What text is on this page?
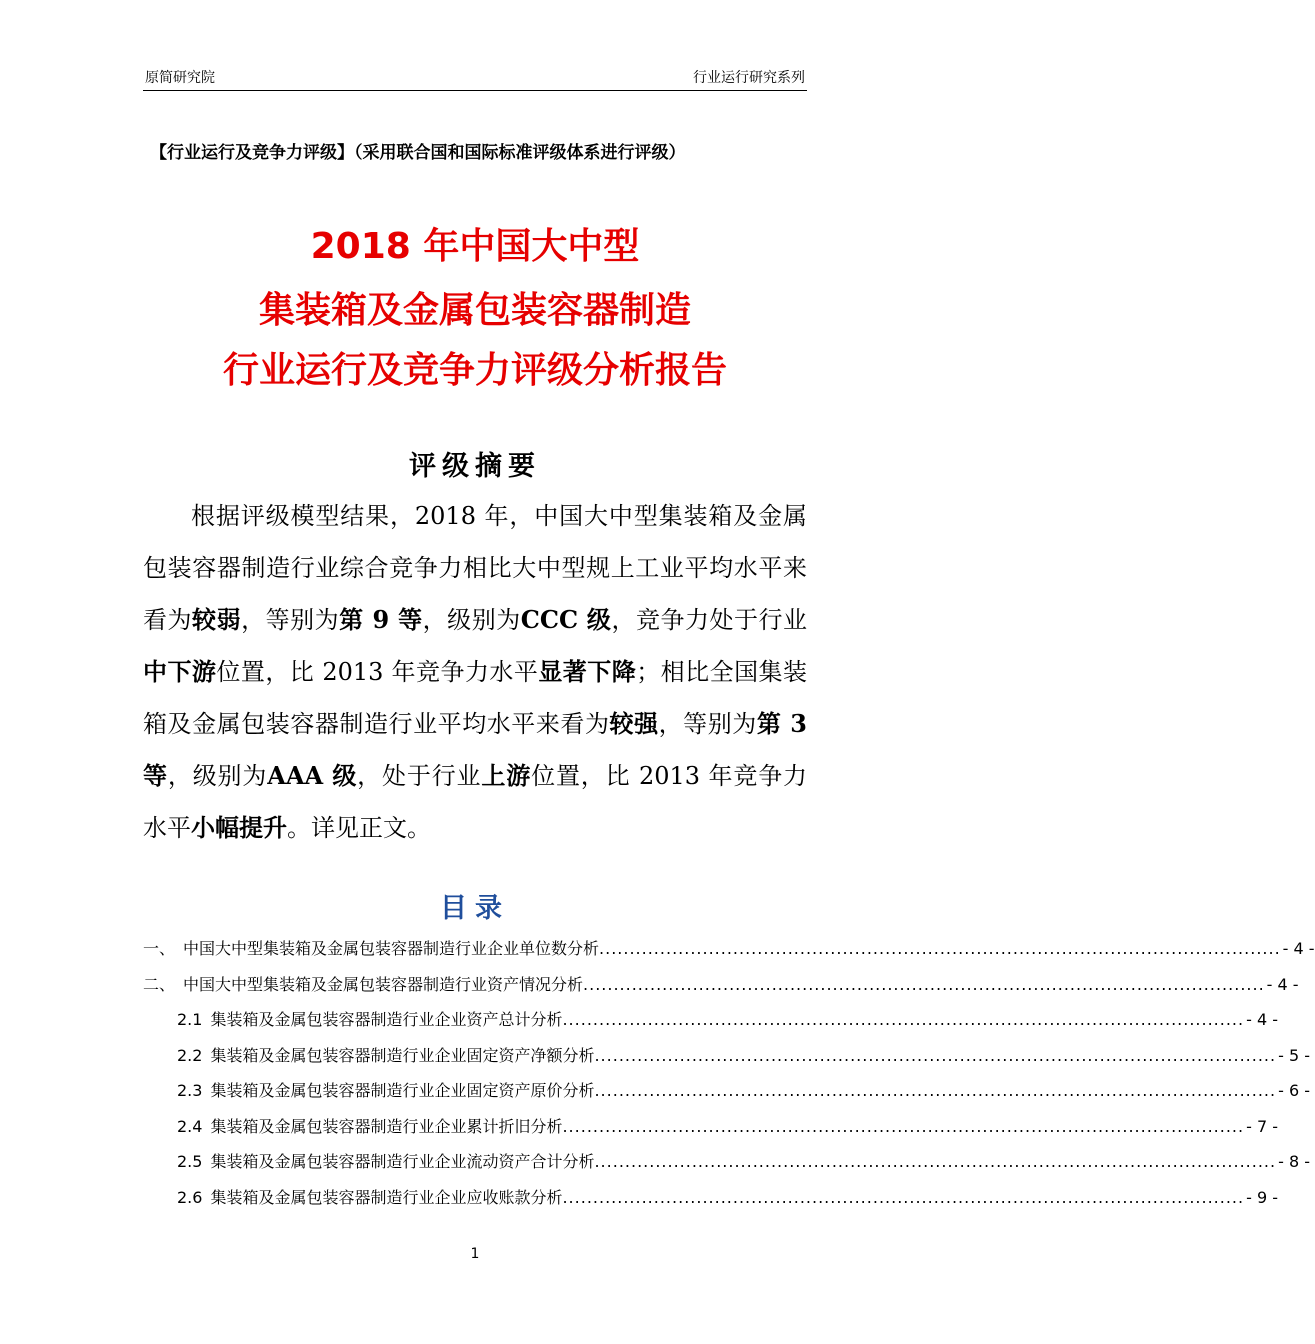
原简研究院	行业运行研究系列
【行业运行及竞争力评级】（采用联合国和国际标准评级体系进行评级）
2018 年中国大中型
集装箱及金属包装容器制造
行业运行及竞争力评级分析报告
评级摘要

根据评级模型结果，2018 年，中国大中型集装箱及金属包装容器制造行业综合竞争力相比大中型规上工业平均水平来看为较弱，等别为第 9 等，级别为CCC 级，竞争力处于行业中下游位置，比 2013 年竞争力水平显著下降；相比全国集装箱及金属包装容器制造行业平均水平来看为较强，等别为第 3 等，级别为AAA 级，处于行业上游位置，比 2013 年竞争力水平小幅提升。详见正文。

目录
一、 中国大中型集装箱及金属包装容器制造行业企业单位数分析 .....	- 4 -
二、 中国大中型集装箱及金属包装容器制造行业资产情况分析 .....	- 4 -
2.1 集装箱及金属包装容器制造行业企业资产总计分析 .....	- 4 -
2.2 集装箱及金属包装容器制造行业企业固定资产净额分析 .....	- 5 -
2.3 集装箱及金属包装容器制造行业企业固定资产原价分析 .....	- 6 -
2.4 集装箱及金属包装容器制造行业企业累计折旧分析 .....	- 7 -
2.5 集装箱及金属包装容器制造行业企业流动资产合计分析 .....	- 8 -
2.6 集装箱及金属包装容器制造行业企业应收账款分析 .....	- 9 -
1
